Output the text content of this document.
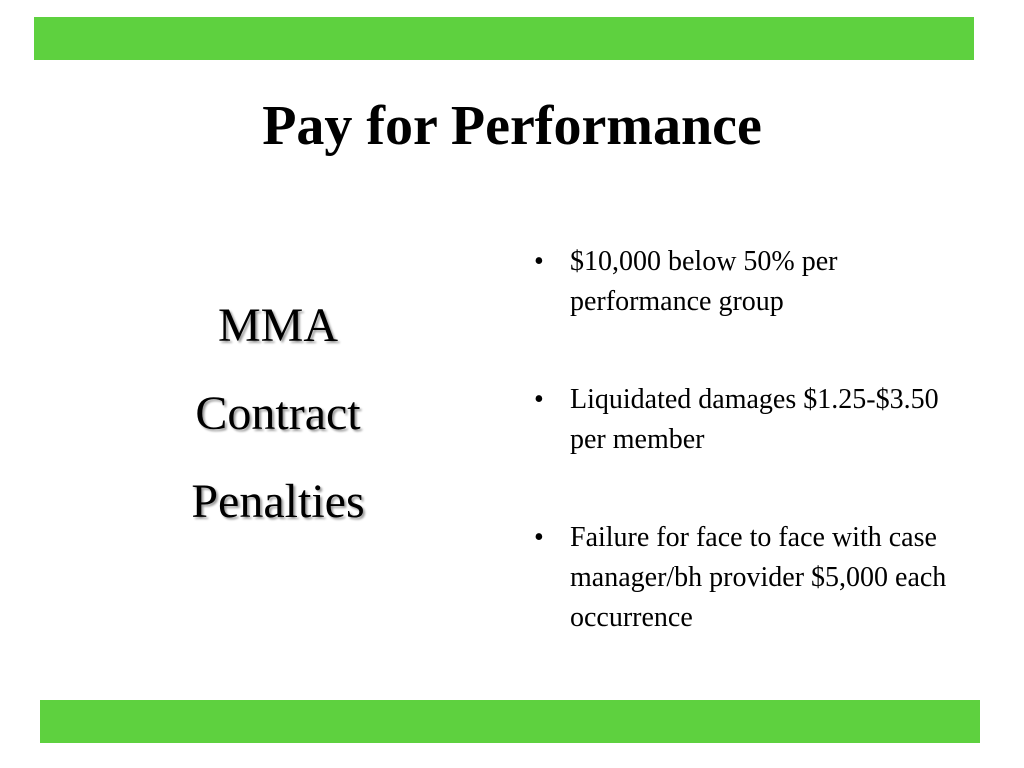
Pay for Performance
MMA
Contract
Penalties
• $10,000 below 50% per performance group
• Liquidated damages $1.25-$3.50 per member
• Failure for face to face with case manager/bh provider $5,000 each occurrence
